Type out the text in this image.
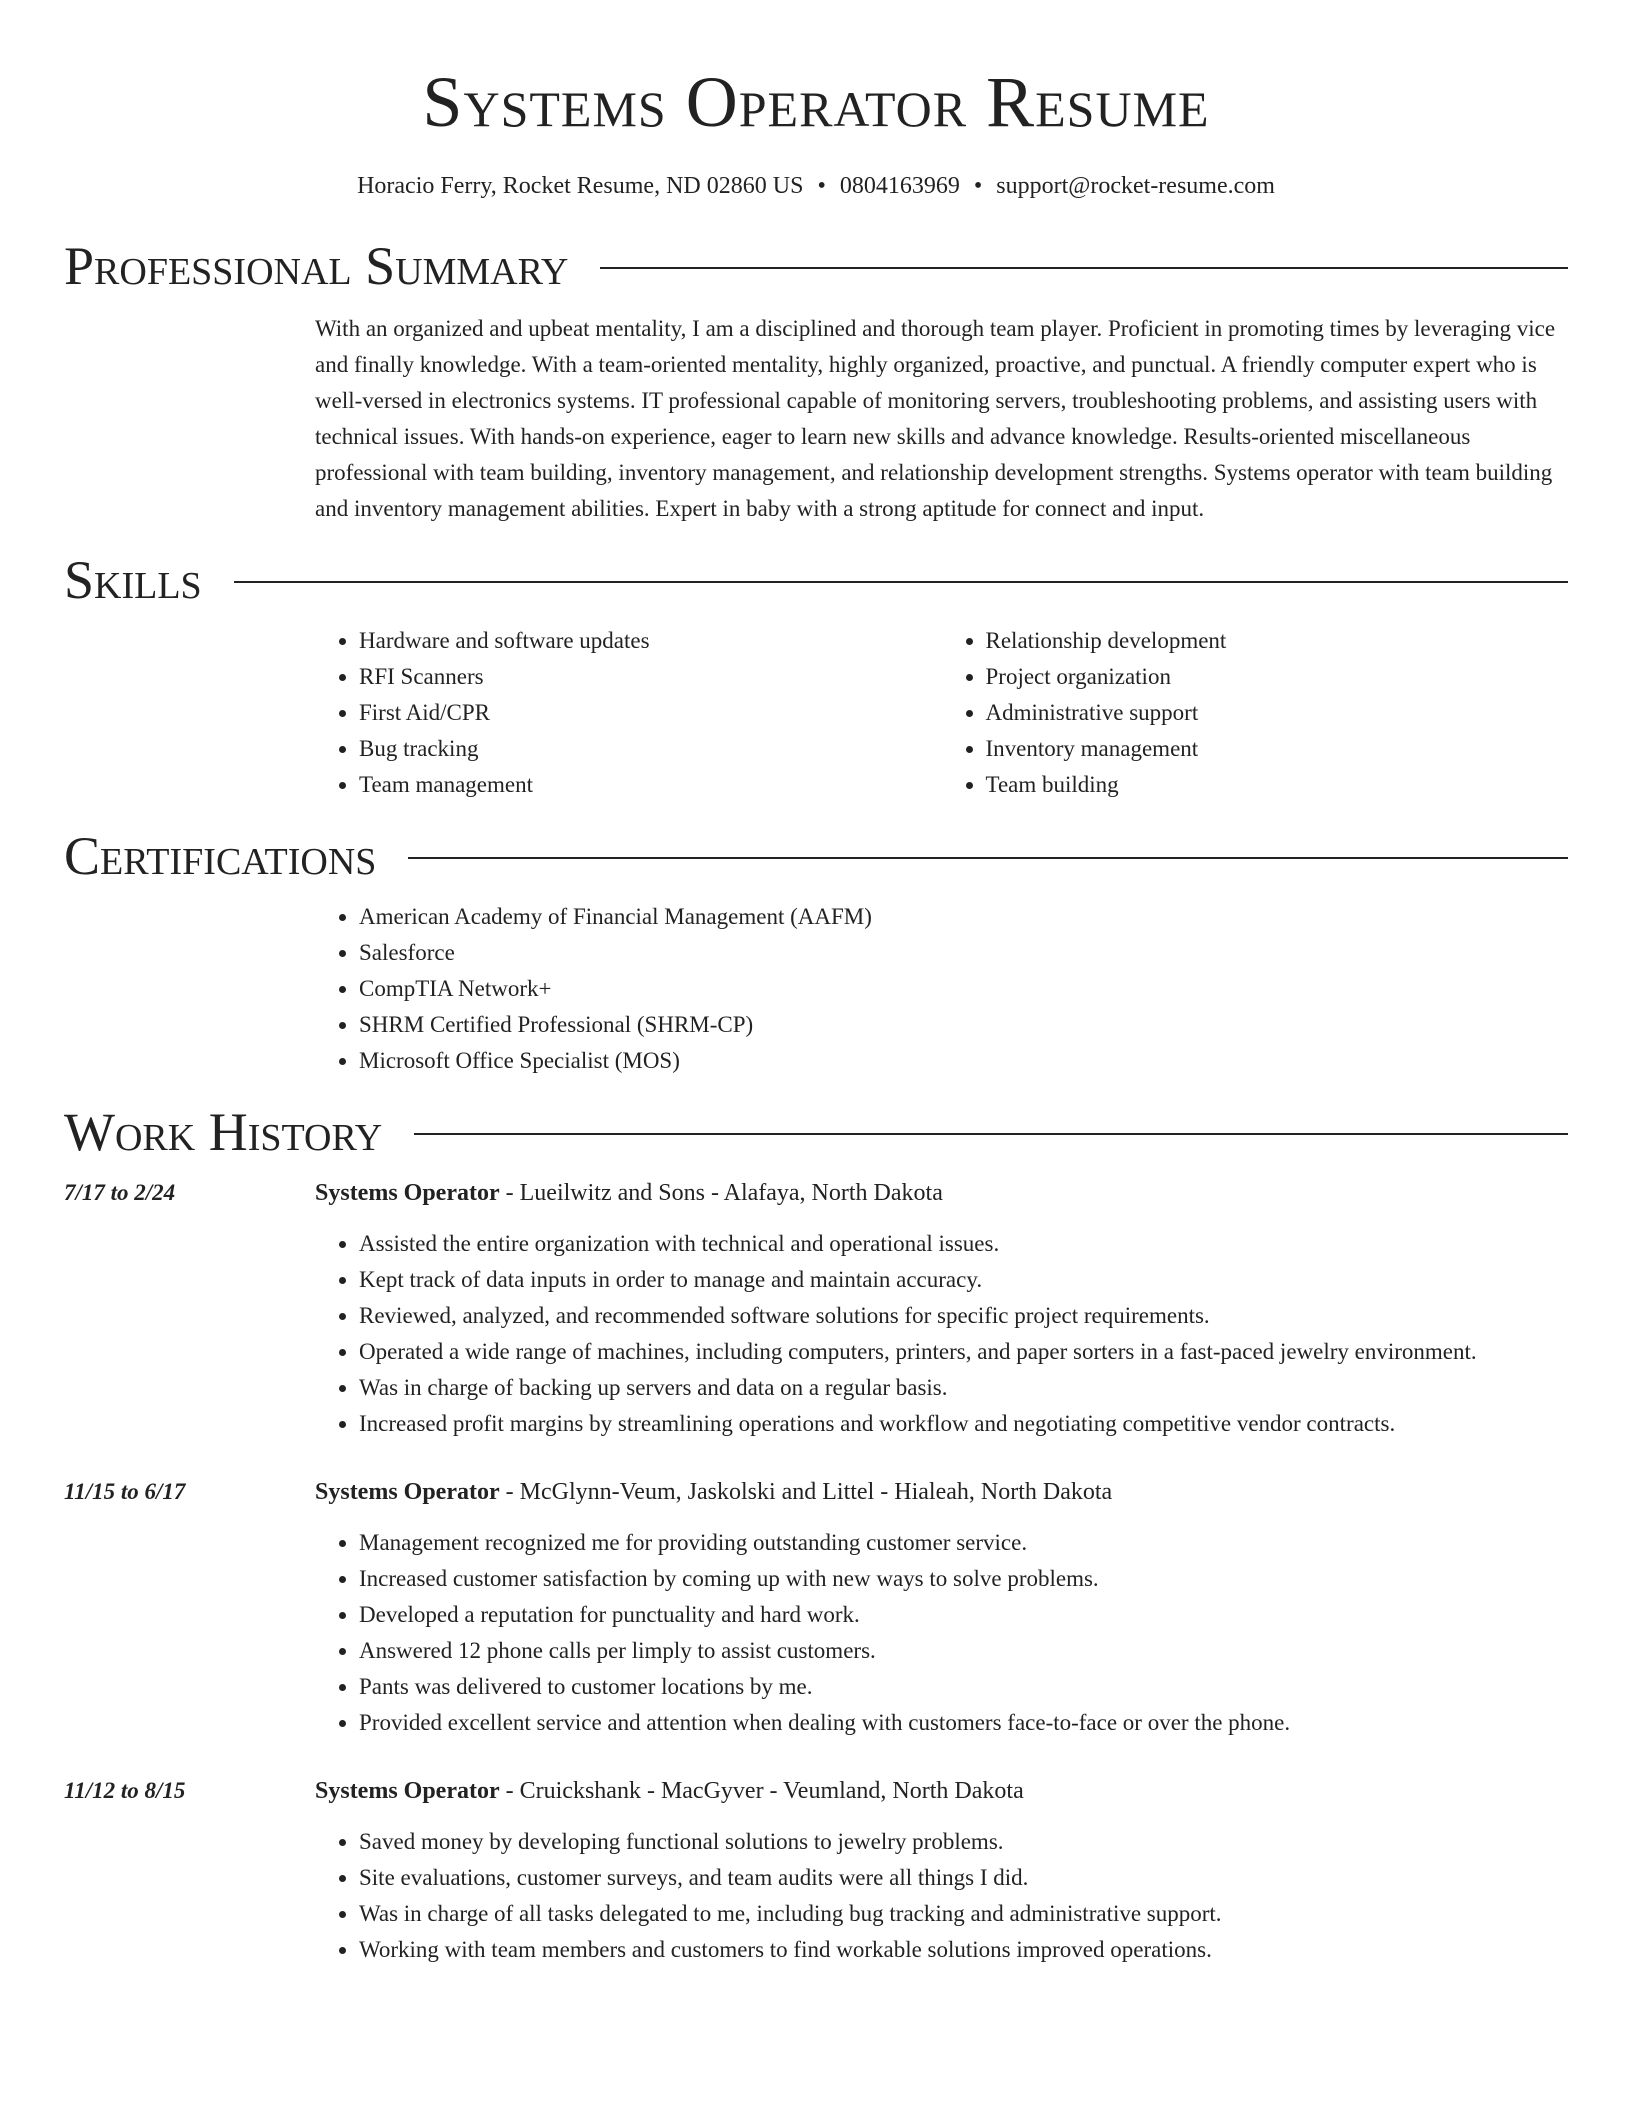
Systems Operator Resume
Horacio Ferry, Rocket Resume, ND 02860 US • 0804163969 • support@rocket-resume.com
Professional Summary

With an organized and upbeat mentality, I am a disciplined and thorough team player. Proficient in promoting times by leveraging vice and finally knowledge. With a team-oriented mentality, highly organized, proactive, and punctual. A friendly computer expert who is well-versed in electronics systems. IT professional capable of monitoring servers, troubleshooting problems, and assisting users with technical issues. With hands-on experience, eager to learn new skills and advance knowledge. Results-oriented miscellaneous professional with team building, inventory management, and relationship development strengths. Systems operator with team building and inventory management abilities. Expert in baby with a strong aptitude for connect and input.

Skills
• Hardware and software updates
• RFI Scanners
• First Aid/CPR
• Bug tracking
• Team management
• Relationship development
• Project organization
• Administrative support
• Inventory management
• Team building
Certifications
• American Academy of Financial Management (AAFM)
• Salesforce
• CompTIA Network+
• SHRM Certified Professional (SHRM-CP)
• Microsoft Office Specialist (MOS)
Work History
7/17 to 2/24	Systems Operator - Lueilwitz and Sons - Alafaya, North Dakota
• Assisted the entire organization with technical and operational issues.
• Kept track of data inputs in order to manage and maintain accuracy.
• Reviewed, analyzed, and recommended software solutions for specific project requirements.
• Operated a wide range of machines, including computers, printers, and paper sorters in a fast-paced jewelry environment.
• Was in charge of backing up servers and data on a regular basis.
• Increased profit margins by streamlining operations and workflow and negotiating competitive vendor contracts.
11/15 to 6/17	Systems Operator - McGlynn-Veum, Jaskolski and Littel - Hialeah, North Dakota
• Management recognized me for providing outstanding customer service.
• Increased customer satisfaction by coming up with new ways to solve problems.
• Developed a reputation for punctuality and hard work.
• Answered 12 phone calls per limply to assist customers.
• Pants was delivered to customer locations by me.
• Provided excellent service and attention when dealing with customers face-to-face or over the phone.
11/12 to 8/15	Systems Operator - Cruickshank - MacGyver - Veumland, North Dakota
• Saved money by developing functional solutions to jewelry problems.
• Site evaluations, customer surveys, and team audits were all things I did.
• Was in charge of all tasks delegated to me, including bug tracking and administrative support.
• Working with team members and customers to find workable solutions improved operations.
